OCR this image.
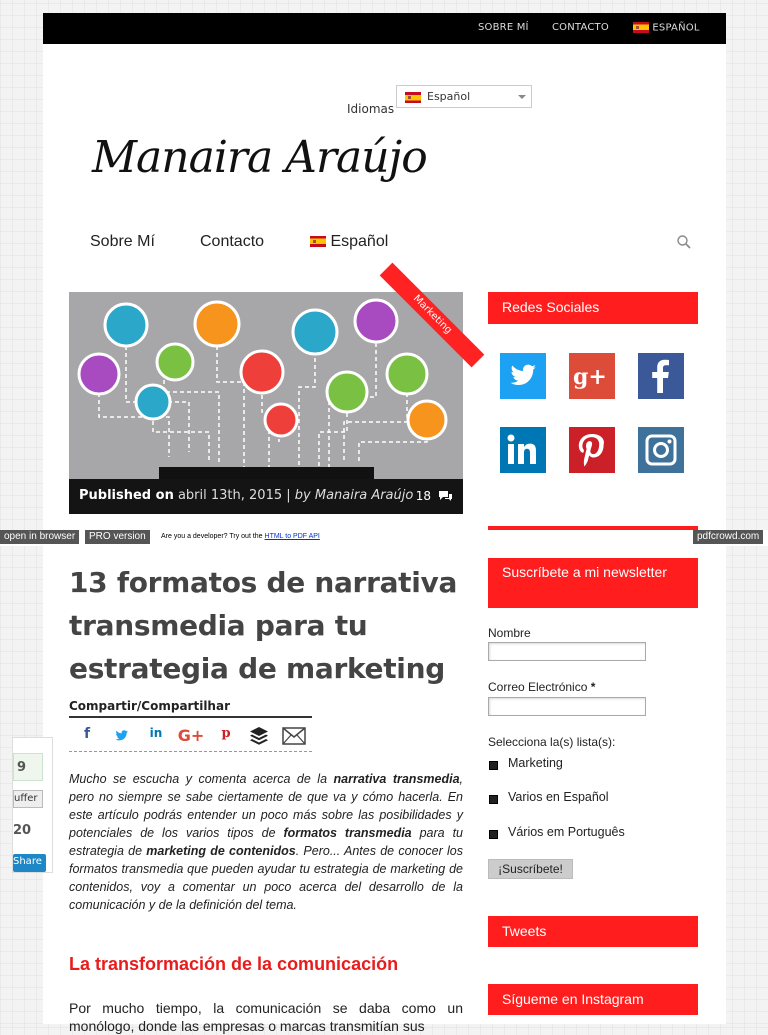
SOBRE MÍ CONTACTO	ESPAÑOL
Idiomas
Español
Manaira Araújo
Sobre Mí	Contacto	Español
Marketing
Published on abril 13th, 2015 | by Manaira Araújo 18
Redes Sociales
g+
open in browser	PRO version	Are you a developer? Try out the HTML to PDF API	pdfcrowd.com
13 formatos de narrativa transmedia para tu estrategia de marketing
Compartir/Compartilhar
f	in G+ p
9
uffer
20
Share
Mucho se escucha y comenta acerca de la narrativa transmedia, pero no siempre se sabe ciertamente de que va y cómo hacerla. En este artículo podrás entender un poco más sobre las posibilidades y potenciales de los varios tipos de formatos transmedia para tu estrategia de marketing de contenidos. Pero... Antes de conocer los formatos transmedia que pueden ayudar tu estrategia de marketing de contenidos, voy a comentar un poco acerca del desarrollo de la comunicación y de la definición del tema.
La transformación de la comunicación
Por mucho tiempo, la comunicación se daba como un monólogo, donde las empresas o marcas transmitían sus
Suscríbete a mi newsletter
Nombre
Correo Electrónico *
Selecciona la(s) lista(s):
Marketing
Varios en Español
Vários em Português
¡Suscríbete!
Tweets
Sígueme en Instagram
